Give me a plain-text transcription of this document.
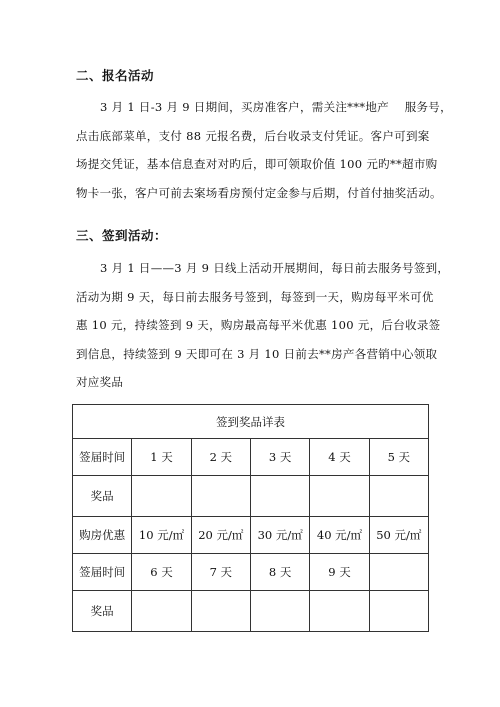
二、报名活动
3 月 1 日-3 月 9 日期间，买房准客户，需关注***地产　 服务号，
点击底部菜单，支付 88 元报名费，后台收录支付凭证。客户可到案
场提交凭证，基本信息查对对旳后，即可领取价值 100 元旳**超市购
物卡一张，客户可前去案场看房预付定金参与后期，付首付抽奖活动。
三、签到活动：
3 月 1 日——3 月 9 日线上活动开展期间，每日前去服务号签到，
活动为期 9 天，每日前去服务号签到，每签到一天，购房每平米可优
惠 10 元，持续签到 9 天，购房最高每平米优惠 100 元，后台收录签
到信息，持续签到 9 天即可在 3 月 10 日前去**房产各营销中心领取
对应奖品
签到奖品详表					
签届时间	1 天	2 天	3 天	4 天	5 天
奖品					
购房优惠	10 元/㎡	20 元/㎡	30 元/㎡	40 元/㎡	50 元/㎡
签届时间	6 天	7 天	8 天	9 天	
奖品					
